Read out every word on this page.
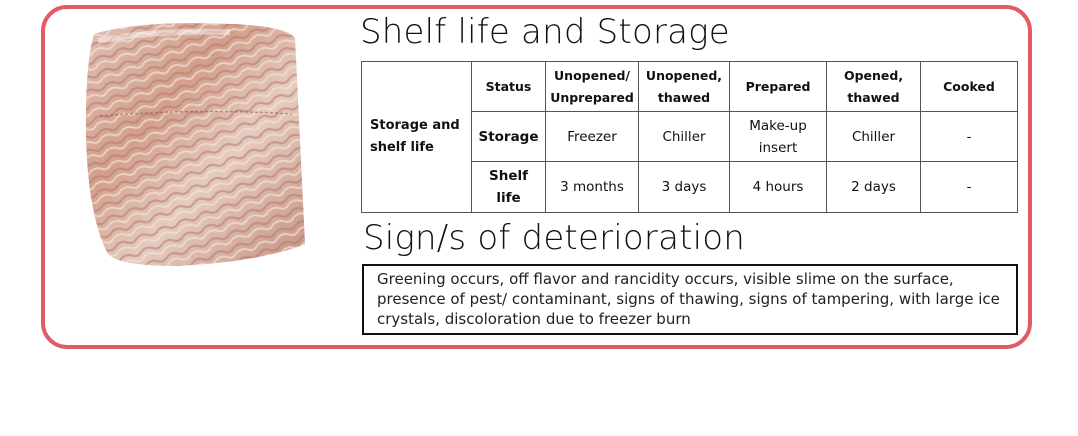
Shelf life and Storage
Storage and shelf life	Status	Unopened/ Unprepared	Unopened, thawed	Prepared	Opened, thawed	Cooked
	Storage	Freezer	Chiller	Make-up insert	Chiller	-
	Shelf life	3 months	3 days	4 hours	2 days	-
Sign/s of deterioration
Greening occurs, off flavor and rancidity occurs, visible slime on the surface, presence of pest/ contaminant, signs of thawing, signs of tampering, with large ice crystals, discoloration due to freezer burn
